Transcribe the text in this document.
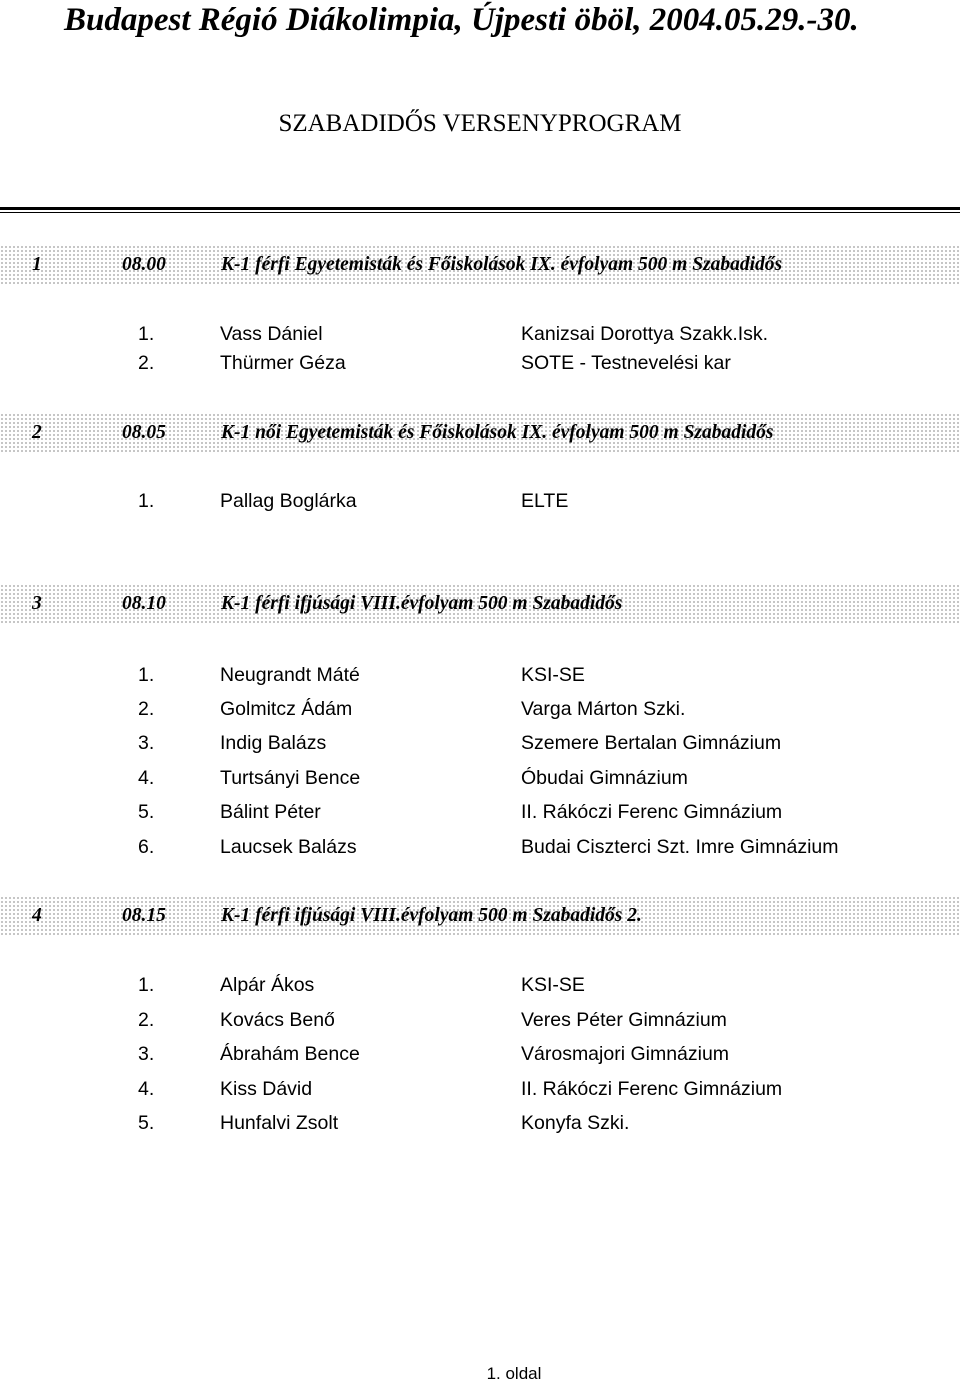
Budapest Régió Diákolimpia, Újpesti öböl, 2004.05.29.-30.
SZABADIDŐS VERSENYPROGRAM
1	08.00	K-1 férfi Egyetemisták és Főiskolások IX. évfolyam 500 m Szabadidős
1.	Vass Dániel	Kanizsai Dorottya Szakk.Isk.
2.	Thürmer Géza	SOTE - Testnevelési kar
2	08.05	K-1 női Egyetemisták és Főiskolások IX. évfolyam 500 m Szabadidős
1.	Pallag Boglárka	ELTE
3	08.10	K-1 férfi ifjúsági VIII.évfolyam 500 m Szabadidős
1.	Neugrandt Máté	KSI-SE
2.	Golmitcz Ádám	Varga Márton Szki.
3.	Indig Balázs	Szemere Bertalan Gimnázium
4.	Turtsányi Bence	Óbudai Gimnázium
5.	Bálint Péter	II. Rákóczi Ferenc Gimnázium
6.	Laucsek Balázs	Budai Ciszterci Szt. Imre Gimnázium
4	08.15	K-1 férfi ifjúsági VIII.évfolyam 500 m Szabadidős 2.
1.	Alpár Ákos	KSI-SE
2.	Kovács Benő	Veres Péter Gimnázium
3.	Ábrahám Bence	Városmajori Gimnázium
4.	Kiss Dávid	II. Rákóczi Ferenc Gimnázium
5.	Hunfalvi Zsolt	Konyfa Szki.
1. oldal
